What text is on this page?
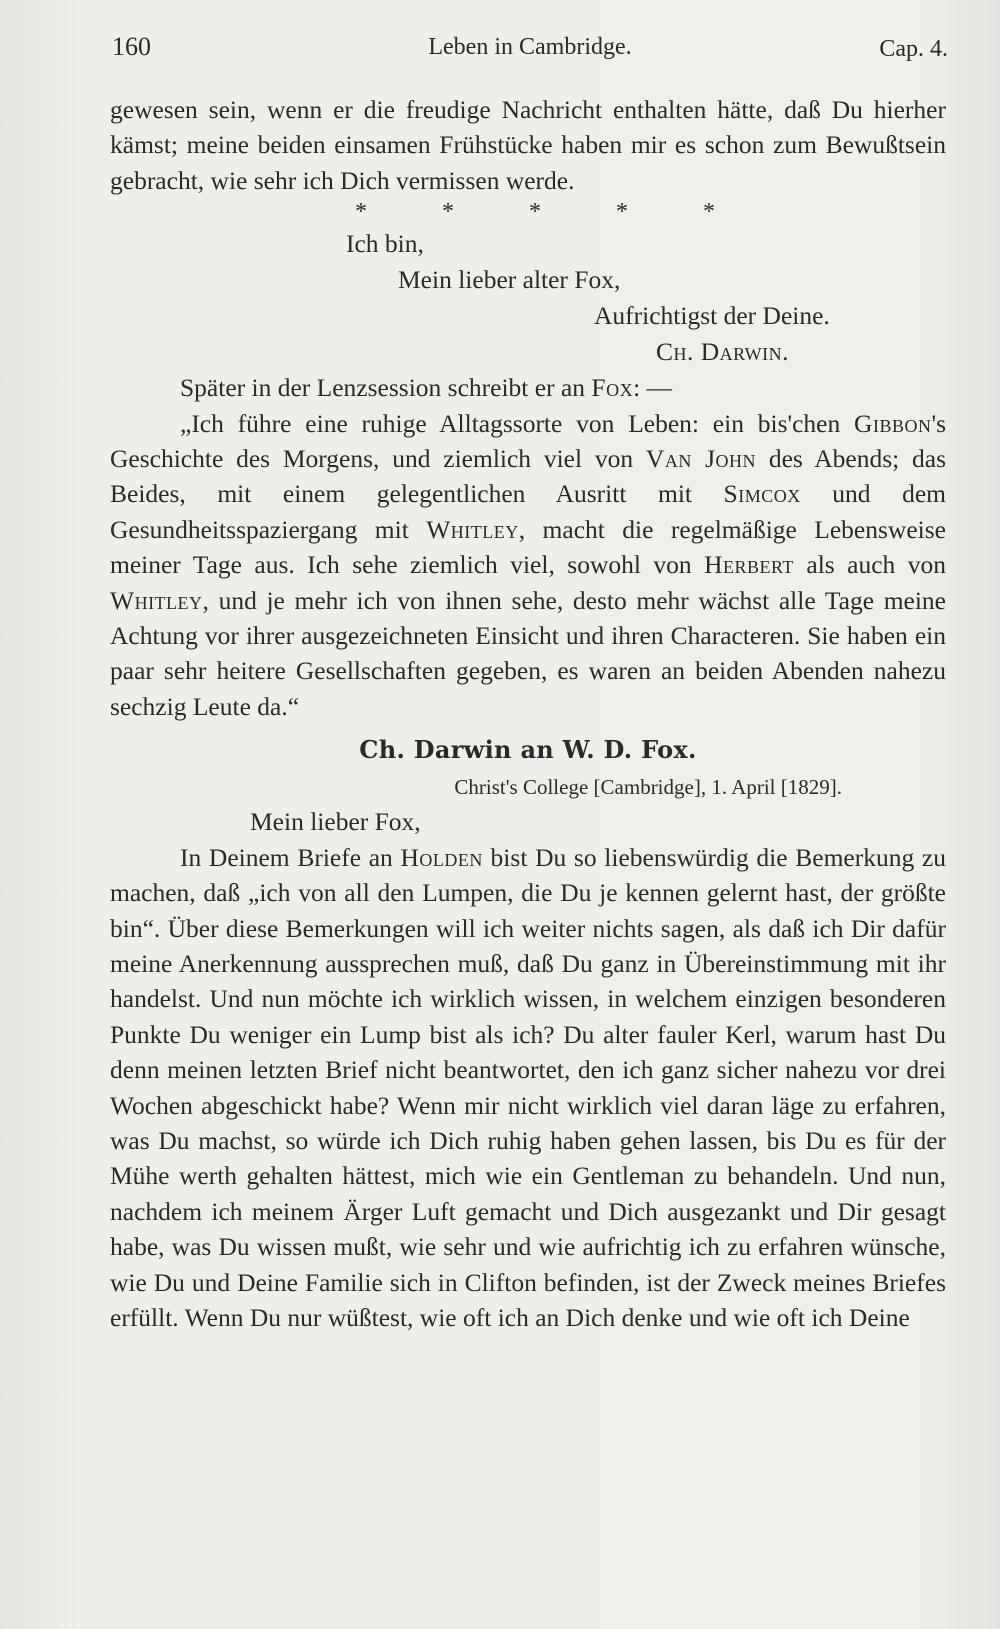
160	Leben in Cambridge.	Cap. 4.

gewesen sein, wenn er die freudige Nachricht enthalten hätte, daß Du hierher kämst; meine beiden einsamen Frühstücke haben mir es schon zum Bewußtsein gebracht, wie sehr ich Dich vermissen werde.

*	*	*	*	*

Ich bin,

Mein lieber alter Fox,

Aufrichtigst der Deine.

Ch. Darwin.

Später in der Lenzsession schreibt er an Fox: —

„Ich führe eine ruhige Alltagssorte von Leben: ein bis'chen Gibbon's Geschichte des Morgens, und ziemlich viel von Van John des Abends; das Beides, mit einem gelegentlichen Ausritt mit Simcox und dem Gesundheitsspaziergang mit Whitley, macht die regelmäßige Lebensweise meiner Tage aus. Ich sehe ziemlich viel, sowohl von Herbert als auch von Whitley, und je mehr ich von ihnen sehe, desto mehr wächst alle Tage meine Achtung vor ihrer ausgezeichneten Einsicht und ihren Characteren. Sie haben ein paar sehr heitere Gesellschaften gegeben, es waren an beiden Abenden nahezu sechzig Leute da.“

Ch. Darwin an W. D. Fox.

Christ's College [Cambridge], 1. April [1829].

Mein lieber Fox,

In Deinem Briefe an Holden bist Du so liebenswürdig die Bemerkung zu machen, daß „ich von all den Lumpen, die Du je kennen gelernt hast, der größte bin“. Über diese Bemerkungen will ich weiter nichts sagen, als daß ich Dir dafür meine Anerkennung aussprechen muß, daß Du ganz in Übereinstimmung mit ihr handelst. Und nun möchte ich wirklich wissen, in welchem einzigen besonderen Punkte Du weniger ein Lump bist als ich? Du alter fauler Kerl, warum hast Du denn meinen letzten Brief nicht beantwortet, den ich ganz sicher nahezu vor drei Wochen abgeschickt habe? Wenn mir nicht wirklich viel daran läge zu erfahren, was Du machst, so würde ich Dich ruhig haben gehen lassen, bis Du es für der Mühe werth gehalten hättest, mich wie ein Gentleman zu behandeln. Und nun, nachdem ich meinem Ärger Luft gemacht und Dich ausgezankt und Dir gesagt habe, was Du wissen mußt, wie sehr und wie aufrichtig ich zu erfahren wünsche, wie Du und Deine Familie sich in Clifton befinden, ist der Zweck meines Briefes erfüllt. Wenn Du nur wüßtest, wie oft ich an Dich denke und wie oft ich Deine
